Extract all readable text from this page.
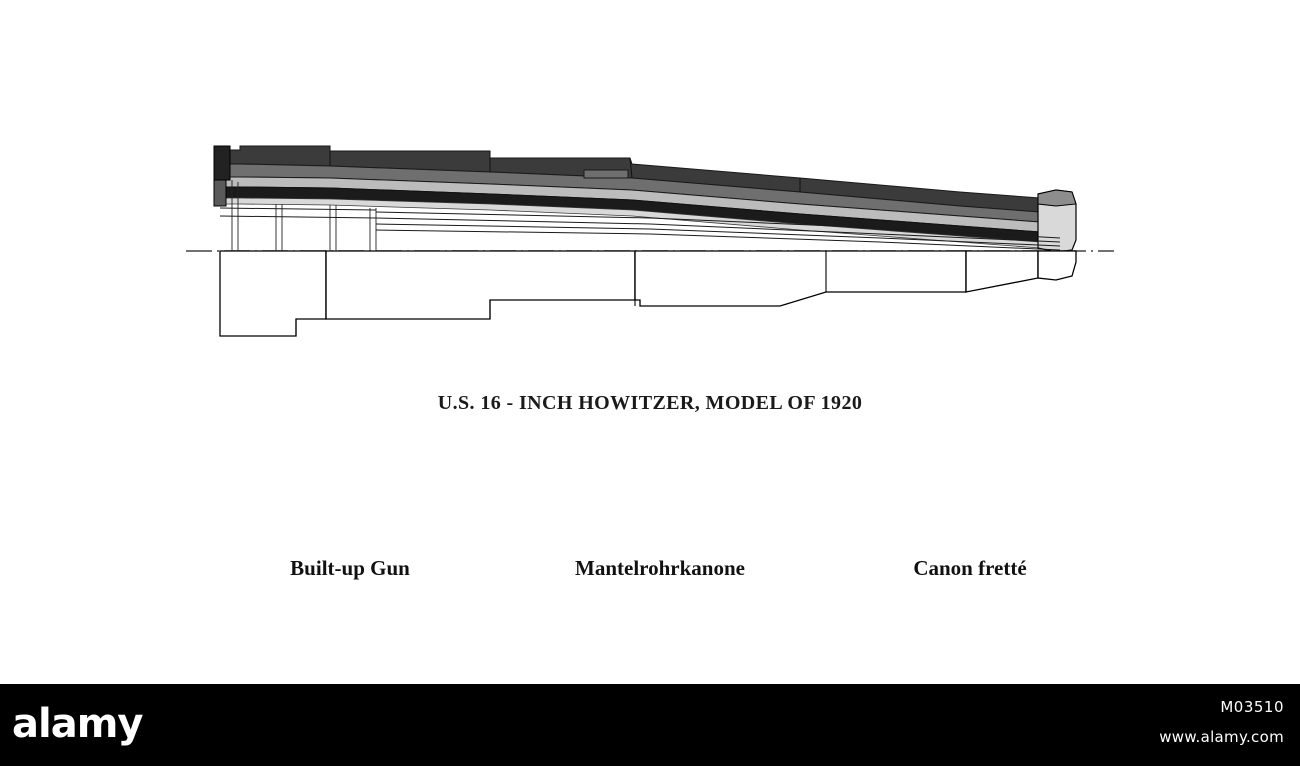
U.S. 16 - INCH HOWITZER, MODEL OF 1920
Built-up Gun	Mantelrohrkanone	Canon fretté
alamy	M03510
www.alamy.com
